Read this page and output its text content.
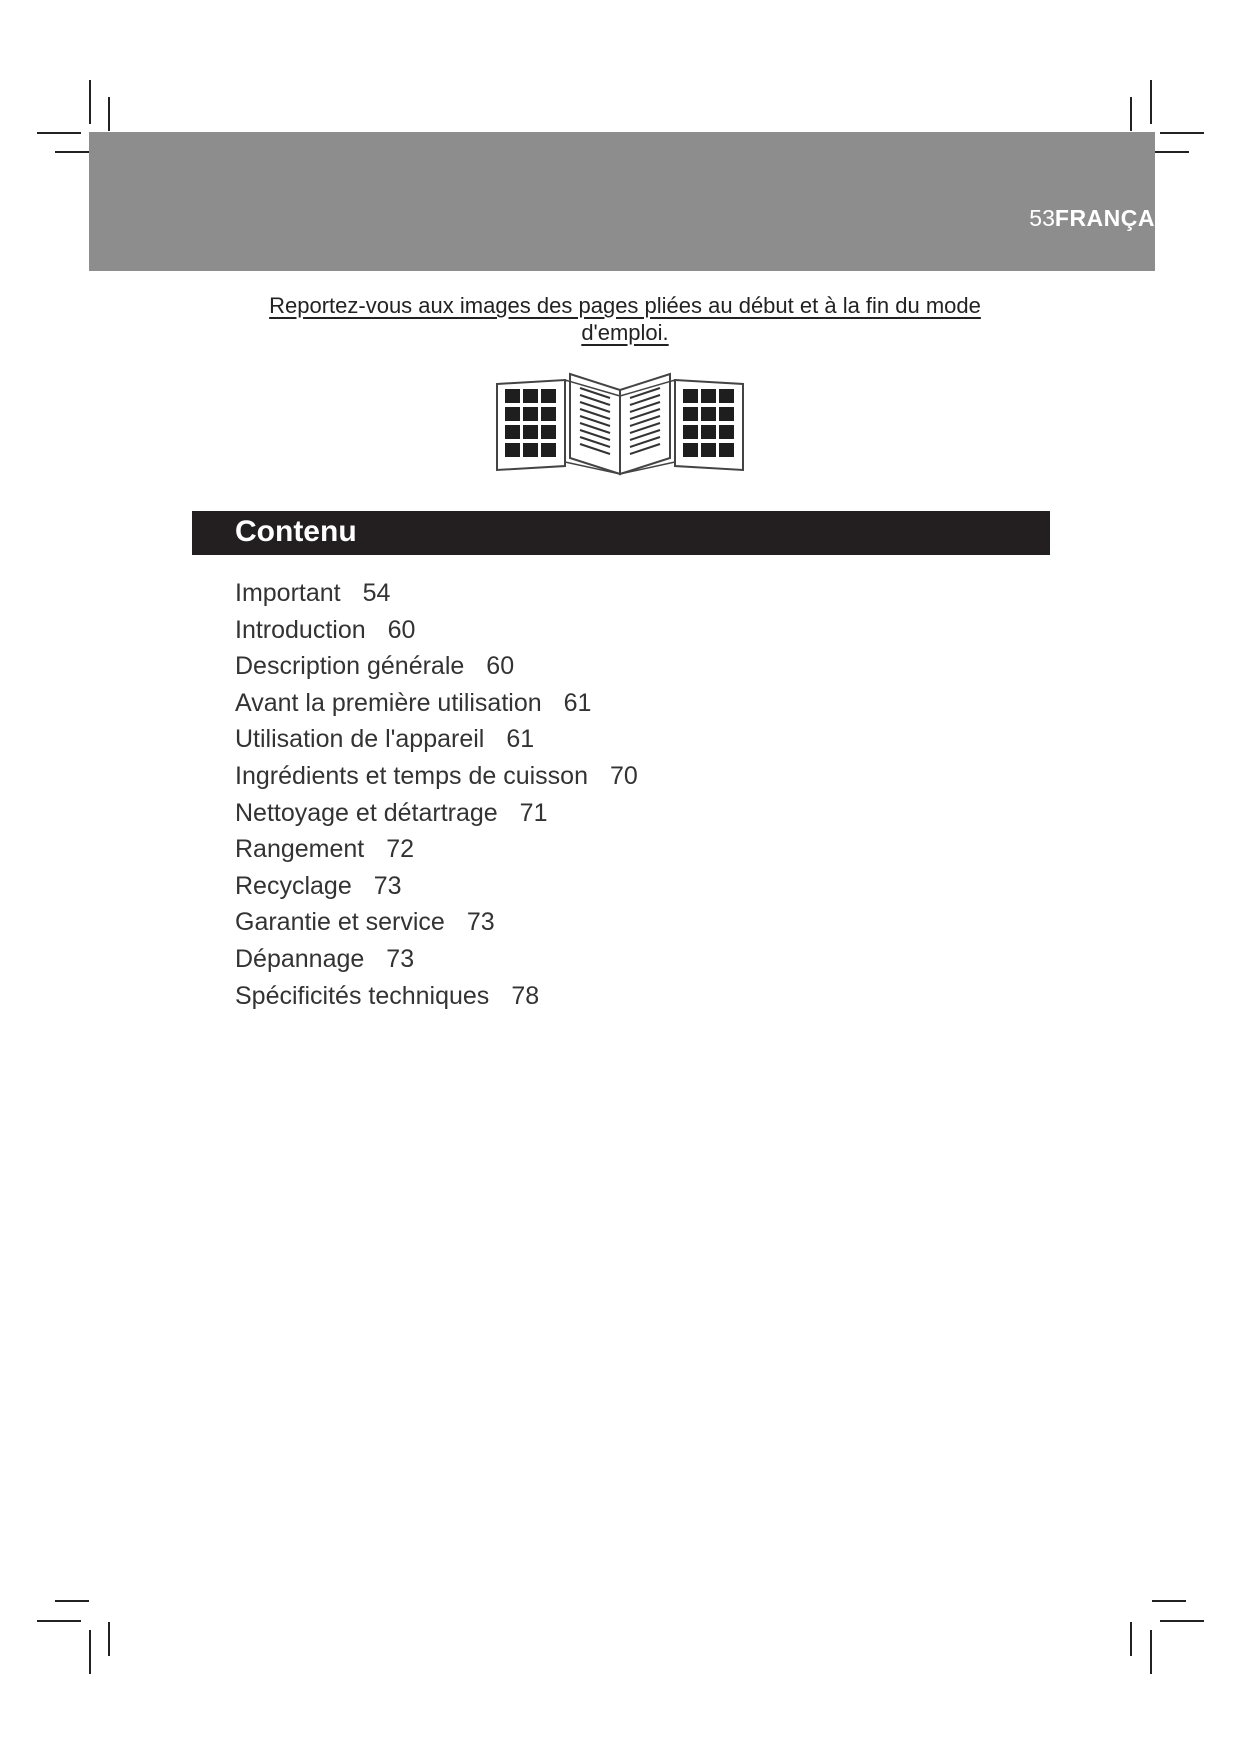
53FRANÇA
Reportez-vous aux images des pages pliées au début et à la fin du mode d'emploi.
Contenu
Important 54
Introduction 60
Description générale 60
Avant la première utilisation 61
Utilisation de l'appareil 61
Ingrédients et temps de cuisson 70
Nettoyage et détartrage 71
Rangement 72
Recyclage 73
Garantie et service 73
Dépannage 73
Spécificités techniques 78
